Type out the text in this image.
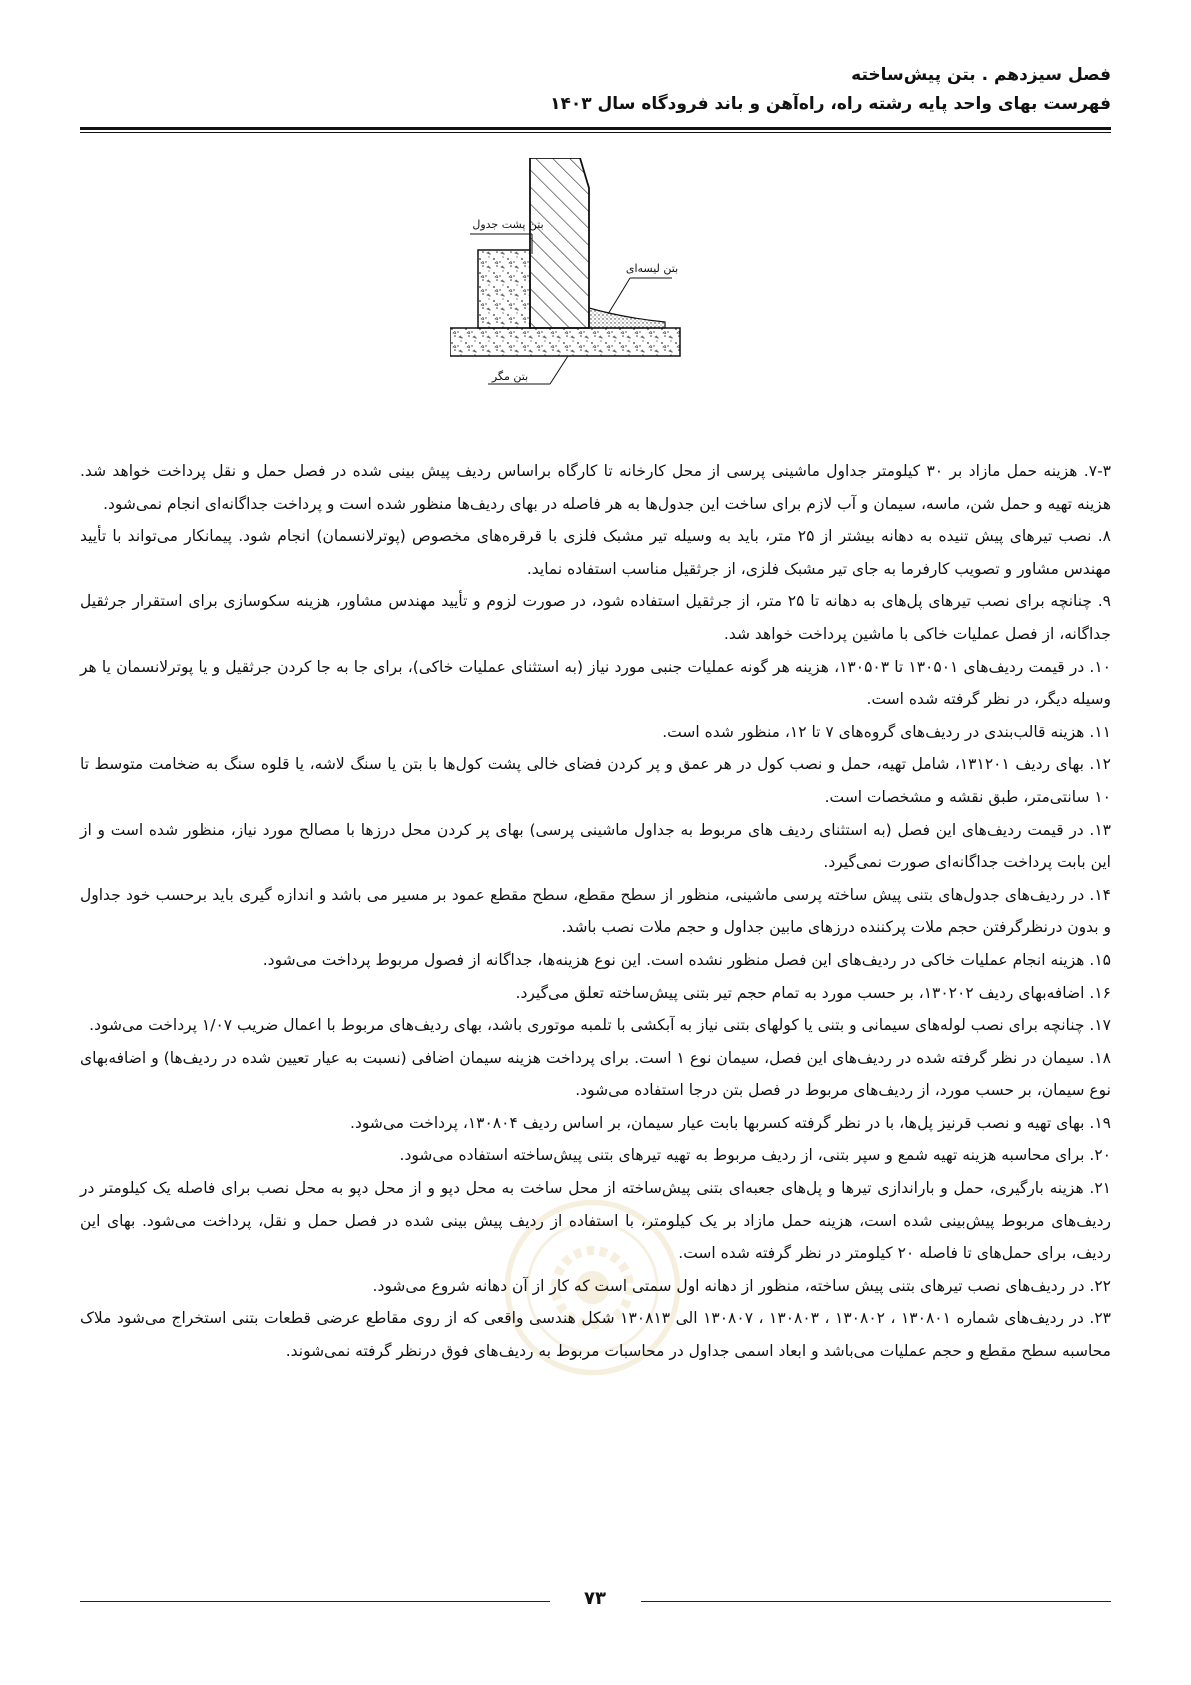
فصل سیزدهم . بتن پیش‌ساخته
فهرست بهای واحد پایه رشته راه، راه‌آهن و باند فرودگاه سال ۱۴۰۳
بتن پشت جدول
بتن لیسه‌ای
بتن مگر

۷-۳. هزینه حمل مازاد بر ۳۰ کیلومتر جداول ماشینی پرسی از محل کارخانه تا کارگاه براساس ردیف پیش بینی شده در فصل حمل و نقل پرداخت خواهد شد. هزینه تهیه و حمل شن، ماسه، سیمان و آب لازم برای ساخت این جدول‌ها به هر فاصله در بهای ردیف‌ها منظور شده است و پرداخت جداگانه‌ای انجام نمی‌شود.

۸. نصب تیرهای پیش تنیده به دهانه بیشتر از ۲۵ متر، باید به وسیله تیر مشبک فلزی با قرقره‌های مخصوص (پوترلانسمان) انجام شود. پیمانکار می‌تواند با تأیید مهندس مشاور و تصویب کارفرما به جای تیر مشبک فلزی، از جرثقیل مناسب استفاده نماید.

۹. چنانچه برای نصب تیرهای پل‌های به دهانه تا ۲۵ متر، از جرثقیل استفاده شود، در صورت لزوم و تأیید مهندس مشاور، هزینه سکوسازی برای استقرار جرثقیل جداگانه، از فصل عملیات خاکی با ماشین پرداخت خواهد شد.

۱۰. در قیمت ردیف‌های ۱۳۰۵۰۱ تا ۱۳۰۵۰۳، هزینه هر گونه عملیات جنبی مورد نیاز (به استثنای عملیات خاکی)، برای جا به جا کردن جرثقیل و یا پوترلانسمان یا هر وسیله دیگر، در نظر گرفته شده است.

۱۱. هزینه قالب‌بندی در ردیف‌های گروه‌های ۷ تا ۱۲، منظور شده است.

۱۲. بهای ردیف ۱۳۱۲۰۱، شامل تهیه، حمل و نصب کول در هر عمق و پر کردن فضای خالی پشت کول‌ها با بتن یا سنگ لاشه، یا قلوه سنگ به ضخامت متوسط تا ۱۰ سانتی‌متر، طبق نقشه و مشخصات است.

۱۳. در قیمت ردیف‌های این فصل (به استثنای ردیف های مربوط به جداول ماشینی پرسی) بهای پر کردن محل درزها با مصالح مورد نیاز، منظور شده است و از این بابت پرداخت جداگانه‌ای صورت نمی‌گیرد.

۱۴. در ردیف‌های جدول‌های بتنی پیش ساخته پرسی ماشینی، منظور از سطح مقطع، سطح مقطع عمود بر مسیر می باشد و اندازه گیری باید برحسب خود جداول و بدون درنظرگرفتن حجم ملات پرکننده درزهای مابین جداول و حجم ملات نصب باشد.

۱۵. هزینه انجام عملیات خاکی در ردیف‌های این فصل منظور نشده است. این نوع هزینه‌ها، جداگانه از فصول مربوط پرداخت می‌شود.

۱۶. اضافه‌بهای ردیف ۱۳۰۲۰۲، بر حسب مورد به تمام حجم تیر بتنی پیش‌ساخته تعلق می‌گیرد.

۱۷. چنانچه برای نصب لوله‌های سیمانی و بتنی یا کولهای بتنی نیاز به آبکشی با تلمبه موتوری باشد، بهای ردیف‌های مربوط با اعمال ضریب ۱/۰۷ پرداخت می‌شود.

۱۸. سیمان در نظر گرفته شده در ردیف‌های این فصل، سیمان نوع ۱ است. برای پرداخت هزینه سیمان اضافی (نسبت به عیار تعیین شده در ردیف‌ها) و اضافه‌بهای نوع سیمان، بر حسب مورد، از ردیف‌های مربوط در فصل بتن درجا استفاده می‌شود.

۱۹. بهای تهیه و نصب قرنیز پل‌ها، با در نظر گرفته کسربها بابت عیار سیمان، بر اساس ردیف ۱۳۰۸۰۴، پرداخت می‌شود.

۲۰. برای محاسبه هزینه تهیه شمع و سپر بتنی، از ردیف مربوط به تهیه تیرهای بتنی پیش‌ساخته استفاده می‌شود.

۲۱. هزینه بارگیری، حمل و باراندازی تیرها و پل‌های جعبه‌ای بتنی پیش‌ساخته از محل ساخت به محل دپو و از محل دپو به محل نصب برای فاصله یک کیلومتر در ردیف‌های مربوط پیش‌بینی شده است، هزینه حمل مازاد بر یک کیلومتر، با استفاده از ردیف پیش بینی شده در فصل حمل و نقل، پرداخت می‌شود. بهای این ردیف، برای حمل‌های تا فاصله ۲۰ کیلومتر در نظر گرفته شده است.

۲۲. در ردیف‌های نصب تیرهای بتنی پیش ساخته، منظور از دهانه اول سمتی است که کار از آن دهانه شروع می‌شود.

۲۳. در ردیف‌های شماره ۱۳۰۸۰۱ ، ۱۳۰۸۰۲ ، ۱۳۰۸۰۳ ، ۱۳۰۸۰۷ الی ۱۳۰۸۱۳ شکل هندسی واقعی که از روی مقاطع عرضی قطعات بتنی استخراج می‌شود ملاک محاسبه سطح مقطع و حجم عملیات می‌باشد و ابعاد اسمی جداول در محاسبات مربوط به ردیف‌های فوق درنظر گرفته نمی‌شوند.

۷۳
